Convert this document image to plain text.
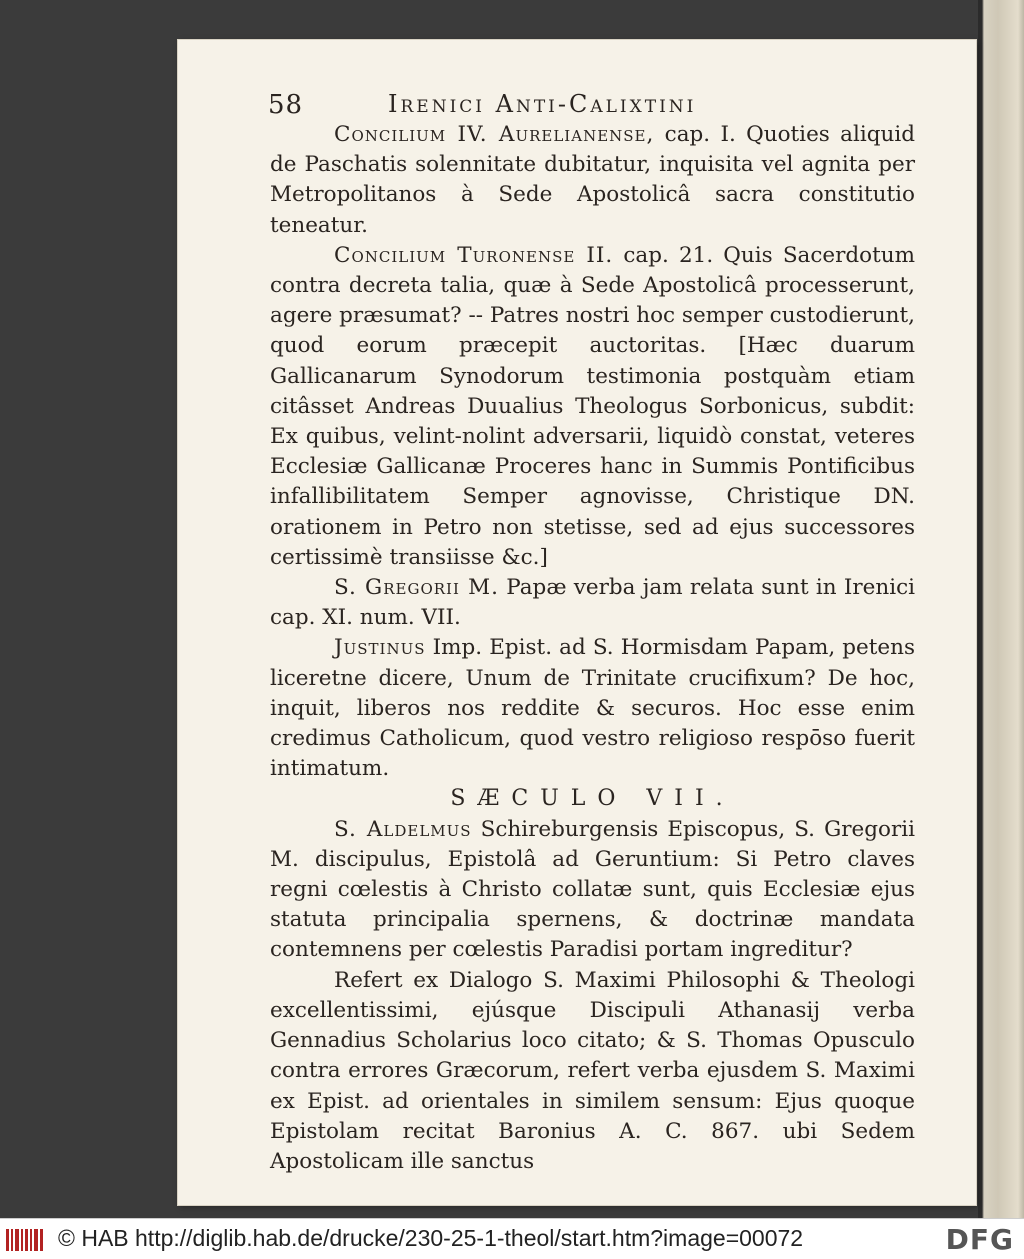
58	Irenici Anti-Calixtini

Concilium IV. Aurelianense, cap. I. Quoties aliquid de Paschatis solennitate dubitatur, inquisita vel agnita per Metropolitanos à Sede Apostolicâ sacra constitutio teneatur.

Concilium Turonense II. cap. 21. Quis Sacerdotum contra decreta talia, quæ à Sede Apostolicâ processerunt, agere præsumat? -- Patres nostri hoc semper custodierunt, quod eorum præcepit auctoritas. [Hæc duarum Gallicanarum Synodorum testimonia postquàm etiam citâsset Andreas Duualius Theologus Sorbonicus, subdit: Ex quibus, velint-nolint adversarii, liquidò constat, veteres Ecclesiæ Gallicanæ Proceres hanc in Summis Pontificibus infallibilitatem Semper agnovisse, Christique DN. orationem in Petro non stetisse, sed ad ejus successores certissimè transiisse &c.]

S. Gregorii M. Papæ verba jam relata sunt in Irenici cap. XI. num. VII.

Justinus Imp. Epist. ad S. Hormisdam Papam, petens liceretne dicere, Unum de Trinitate crucifixum? De hoc, inquit, liberos nos reddite & securos. Hoc esse enim credimus Catholicum, quod vestro religioso respōso fuerit intimatum.

SÆCULO VII.

S. Aldelmus Schireburgensis Episcopus, S. Gregorii M. discipulus, Epistolâ ad Geruntium: Si Petro claves regni cœlestis à Christo collatæ sunt, quis Ecclesiæ ejus statuta principalia spernens, & doctrinæ mandata contemnens per cœlestis Paradisi portam ingreditur?

Refert ex Dialogo S. Maximi Philosophi & Theologi excellentissimi, ejúsque Discipuli Athanasij verba Gennadius Scholarius loco citato; & S. Thomas Opusculo contra errores Græcorum, refert verba ejusdem S. Maximi ex Epist. ad orientales in similem sensum: Ejus quoque Epistolam recitat Baronius A. C. 867. ubi Sedem Apostolicam ille sanctus

© HAB http://diglib.hab.de/drucke/230-25-1-theol/start.htm?image=00072	DFG
